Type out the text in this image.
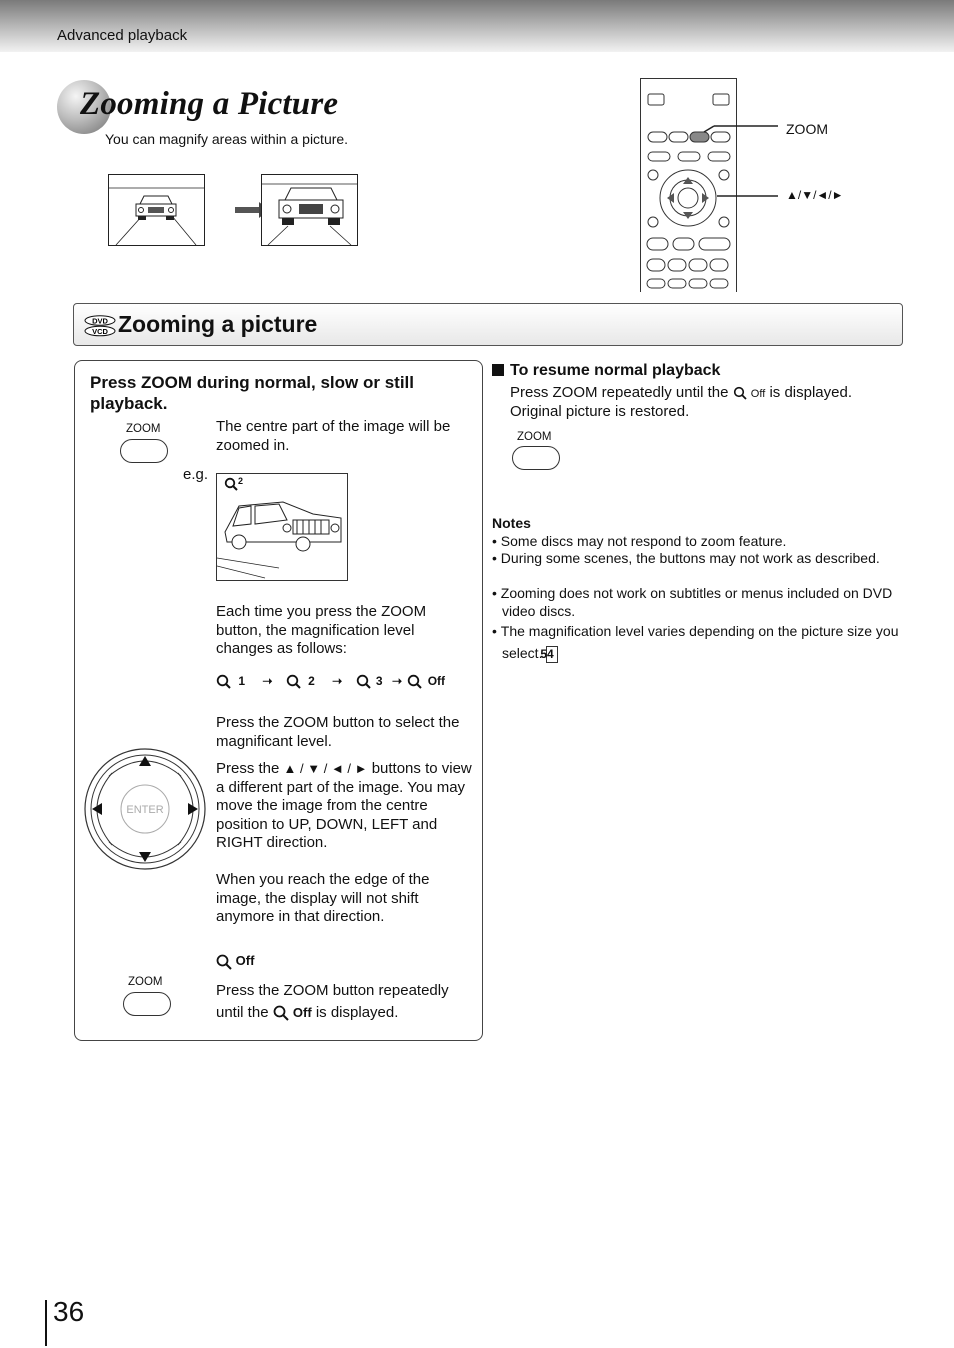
Advanced playback
Zooming a Picture
You can magnify areas within a picture.
ZOOM
▲/▼/◄/►
DVD
VCD Zooming a picture
Press ZOOM during normal, slow or still playback.
ZOOM	The centre part of the image will be zoomed in.
e.g.	2
Each time you press the ZOOM button, the magnification level changes as follows:
1 ➝	2 ➝	3 ➝ Off
Press the ZOOM button to select the magnificant level.
ENTER
Press the ▲ / ▼ / ◄ / ► buttons to view a different part of the image. You may move the image from the centre position to UP, DOWN, LEFT and RIGHT direction.
When you reach the edge of the image, the display will not shift anymore in that direction.
Off
ZOOM	Press the ZOOM button repeatedly
until the Off is displayed.
To resume normal playback
Press ZOOM repeatedly until the Off is displayed.
Original picture is restored.
ZOOM
Notes
• Some discs may not respond to zoom feature.
• During some scenes, the buttons may not work as described.
• Zooming does not work on subtitles or menus included on DVD video discs.
• The magnification level varies depending on the picture size you select. 54
36
